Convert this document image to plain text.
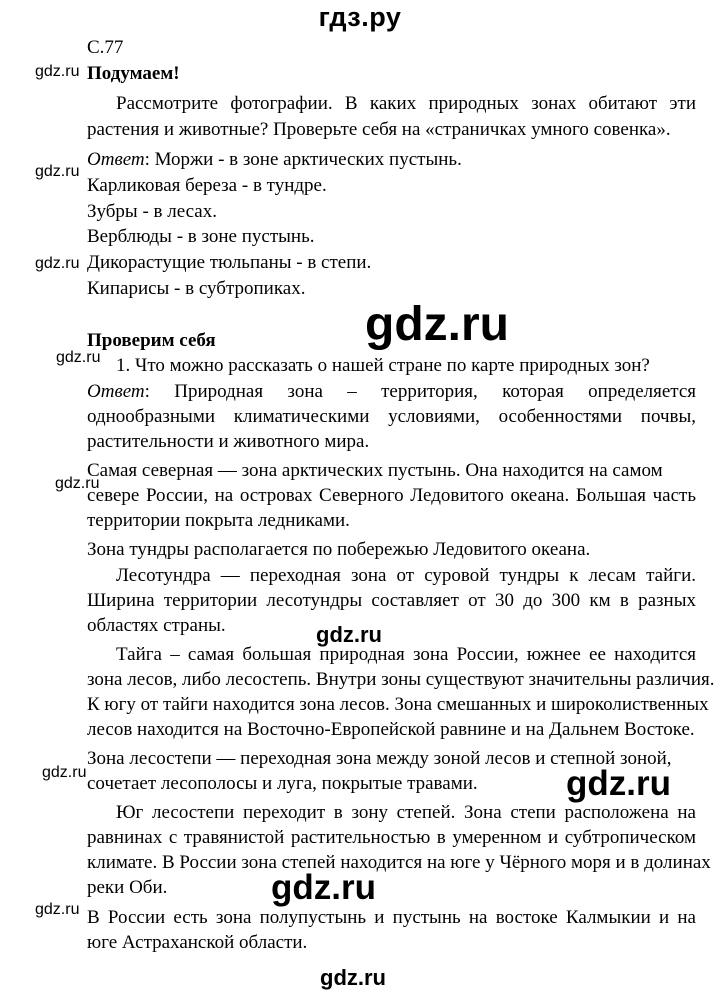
гдз.ру
gdz.ru
gdz.ru
gdz.ru
gdz.ru
gdz.ru
gdz.ru
gdz.ru
gdz.ru
gdz.ru
gdz.ru
gdz.ru
gdz.ru
С.77
Подумаем!
Рассмотрите фотографии. В каких природных зонах обитают эти
растения и животные? Проверьте себя на «страничках умного совенка».
Ответ: Моржи - в зоне арктических пустынь.
Карликовая береза - в тундре.
Зубры - в лесах.
Верблюды - в зоне пустынь.
Дикорастущие тюльпаны - в степи.
Кипарисы - в субтропиках.
Проверим себя
1. Что можно рассказать о нашей стране по карте природных зон?
Ответ: Природная зона – территория, которая определяется
однообразными климатическими условиями, особенностями почвы,
растительности и животного мира.
Самая северная — зона арктических пустынь. Она находится на самом
севере России, на островах Северного Ледовитого океана. Большая часть
территории покрыта ледниками.
Зона тундры располагается по побережью Ледовитого океана.
Лесотундра — переходная зона от суровой тундры к лесам тайги.
Ширина территории лесотундры составляет от 30 до 300 км в разных
областях страны.
Тайга – самая большая природная зона России, южнее ее находится
зона лесов, либо лесостепь. Внутри зоны существуют значительны различия.
К югу от тайги находится зона лесов. Зона смешанных и широколиственных
лесов находится на Восточно-Европейской равнине и на Дальнем Востоке.
Зона лесостепи — переходная зона между зоной лесов и степной зоной,
сочетает лесополосы и луга, покрытые травами.
Юг лесостепи переходит в зону степей. Зона степи расположена на
равнинах с травянистой растительностью в умеренном и субтропическом
климате. В России зона степей находится на юге у Чёрного моря и в долинах
реки Оби.
В России есть зона полупустынь и пустынь на востоке Калмыкии и на
юге Астраханской области.
